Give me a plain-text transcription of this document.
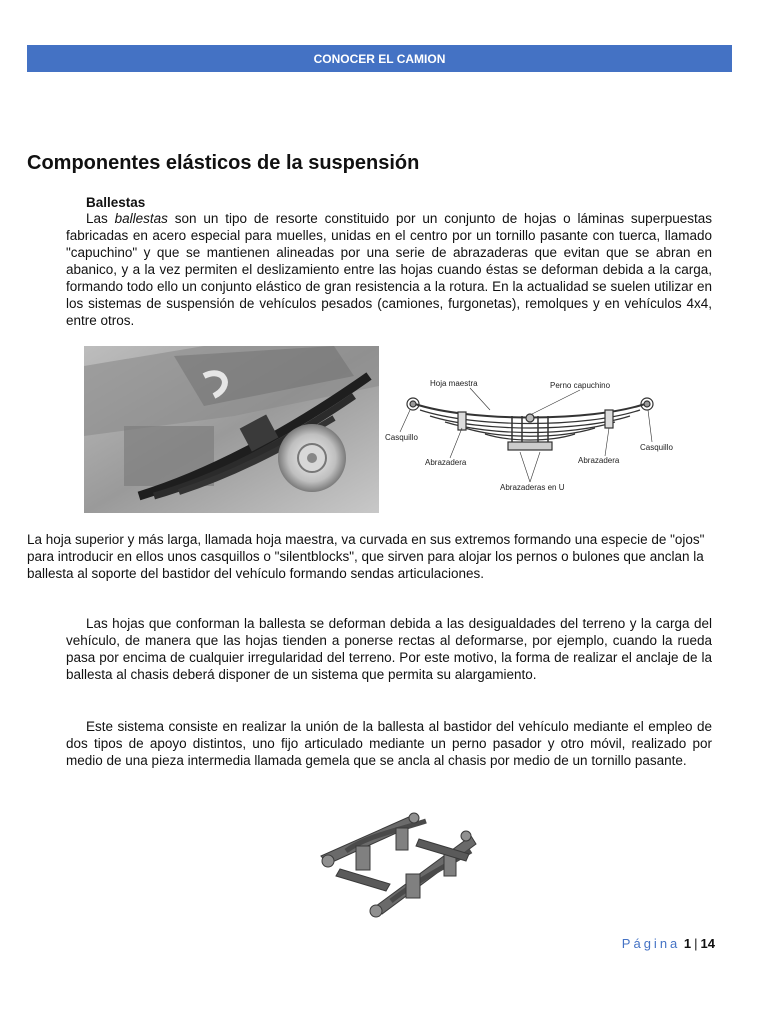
CONOCER EL CAMION
Componentes elásticos de la suspensión
Ballestas

Las ballestas son un tipo de resorte constituido por un conjunto de hojas o láminas superpuestas fabricadas en acero especial para muelles, unidas en el centro por un tornillo pasante con tuerca, llamado "capuchino" y que se mantienen alineadas por una serie de abrazaderas que evitan que se abran en abanico, y a la vez permiten el deslizamiento entre las hojas cuando éstas se deforman debida a la carga, formando todo ello un conjunto elástico de gran resistencia a la rotura. En la actualidad se suelen utilizar en los sistemas de suspensión de vehículos pesados (camiones, furgonetas), remolques y en vehículos 4x4, entre otros.

Hoja maestra	Perno capuchino
Casquillo
Casquillo
Abrazadera	Abrazadera
Abrazaderas en U

La hoja superior y más larga, llamada hoja maestra, va curvada en sus extremos formando una especie de "ojos" para introducir en ellos unos casquillos o "silentblocks", que sirven para alojar los pernos o bulones que anclan la ballesta al soporte del bastidor del vehículo formando sendas articulaciones.

Las hojas que conforman la ballesta se deforman debida a las desigualdades del terreno y la carga del vehículo, de manera que las hojas tienden a ponerse rectas al deformarse, por ejemplo, cuando la rueda pasa por encima de cualquier irregularidad del terreno. Por este motivo, la forma de realizar el anclaje de la ballesta al chasis deberá disponer de un sistema que permita su alargamiento.

Este sistema consiste en realizar la unión de la ballesta al bastidor del vehículo mediante el empleo de dos tipos de apoyo distintos, uno fijo articulado mediante un perno pasador y otro móvil, realizado por medio de una pieza intermedia llamada gemela que se ancla al chasis por medio de un tornillo pasante.

Página 1 | 14
